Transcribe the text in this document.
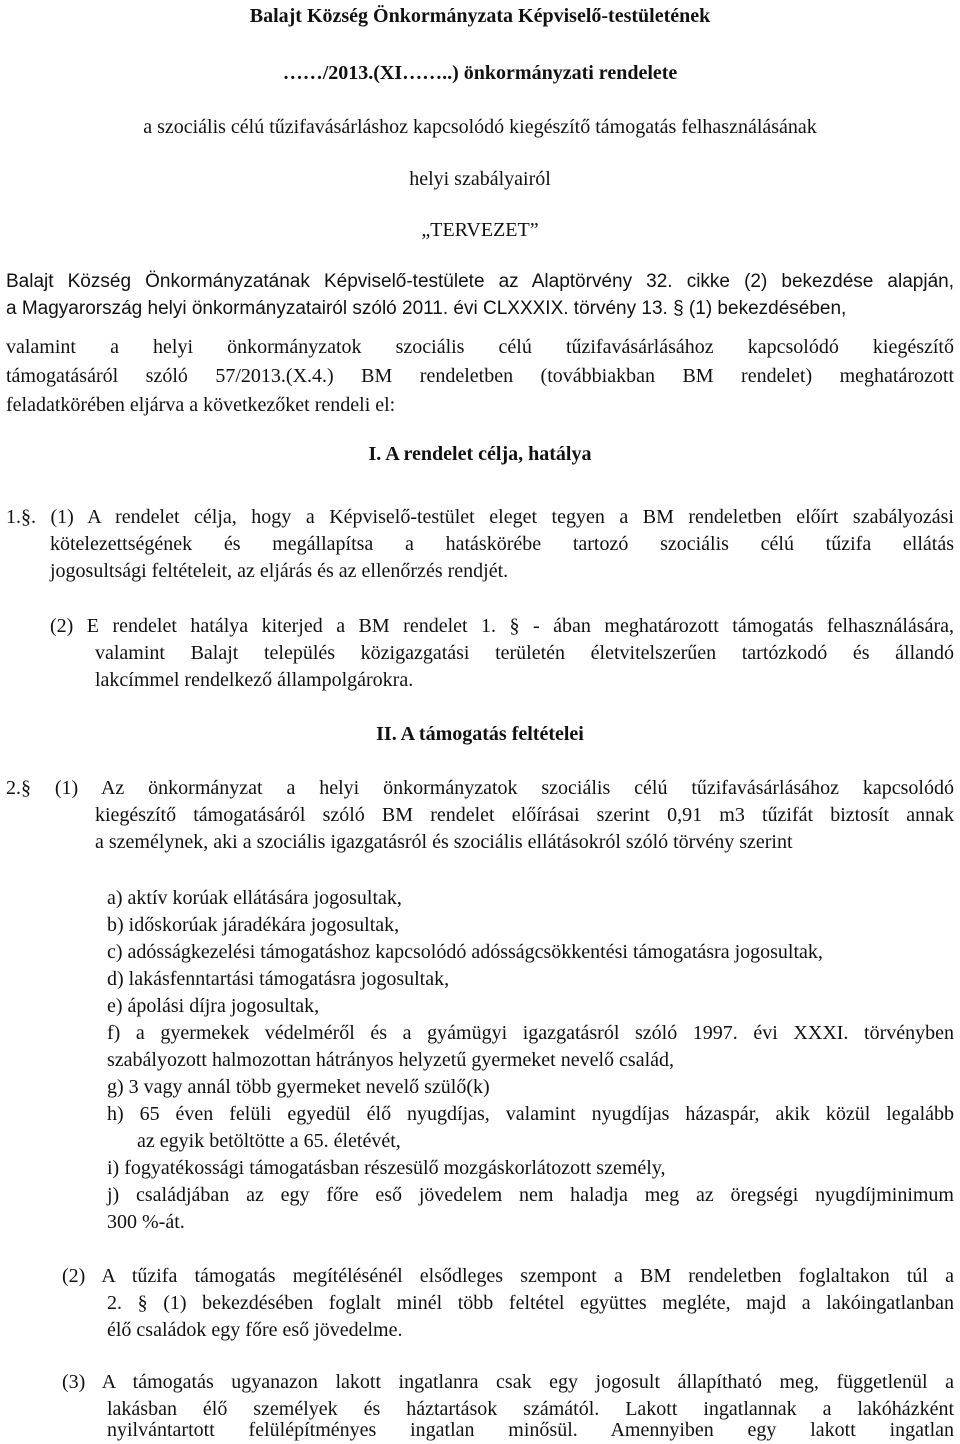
Balajt Község Önkormányzata Képviselő-testületének
……/2013.(XI……..) önkormányzati rendelete
a szociális célú tűzifavásárláshoz kapcsolódó kiegészítő támogatás felhasználásának
helyi szabályairól
„TERVEZET”
Balajt Község Önkormányzatának Képviselő-testülete az Alaptörvény 32. cikke (2) bekezdése alapján,
a Magyarország helyi önkormányzatairól szóló 2011. évi CLXXXIX. törvény 13. § (1) bekezdésében,
valamint a helyi önkormányzatok szociális célú tűzifavásárlásához kapcsolódó kiegészítő
támogatásáról szóló 57/2013.(X.4.) BM rendeletben (továbbiakban BM rendelet) meghatározott
feladatkörében eljárva a következőket rendeli el:
I. A rendelet célja, hatálya
1.§. (1) A rendelet célja, hogy a Képviselő-testület eleget tegyen a BM rendeletben előírt szabályozási
kötelezettségének és megállapítsa a hatáskörébe tartozó szociális célú tűzifa ellátás
jogosultsági feltételeit, az eljárás és az ellenőrzés rendjét.
(2) E rendelet hatálya kiterjed a BM rendelet 1. § - ában meghatározott támogatás felhasználására,
valamint Balajt település közigazgatási területén életvitelszerűen tartózkodó és állandó
lakcímmel rendelkező állampolgárokra.
II. A támogatás feltételei
2.§ (1) Az önkormányzat a helyi önkormányzatok szociális célú tűzifavásárlásához kapcsolódó
kiegészítő támogatásáról szóló BM rendelet előírásai szerint 0,91 m3 tűzifát biztosít annak
a személynek, aki a szociális igazgatásról és szociális ellátásokról szóló törvény szerint
a) aktív korúak ellátására jogosultak,
b) időskorúak járadékára jogosultak,
c) adósságkezelési támogatáshoz kapcsolódó adósságcsökkentési támogatásra jogosultak,
d) lakásfenntartási támogatásra jogosultak,
e) ápolási díjra jogosultak,
f) a gyermekek védelméről és a gyámügyi igazgatásról szóló 1997. évi XXXI. törvényben
szabályozott halmozottan hátrányos helyzetű gyermeket nevelő család,
g) 3 vagy annál több gyermeket nevelő szülő(k)
h) 65 éven felüli egyedül élő nyugdíjas, valamint nyugdíjas házaspár, akik közül legalább
az egyik betöltötte a 65. életévét,
i) fogyatékossági támogatásban részesülő mozgáskorlátozott személy,
j) családjában az egy főre eső jövedelem nem haladja meg az öregségi nyugdíjminimum
300 %-át.
(2) A tűzifa támogatás megítélésénél elsődleges szempont a BM rendeletben foglaltakon túl a
2. § (1) bekezdésében foglalt minél több feltétel együttes megléte, majd a lakóingatlanban
élő családok egy főre eső jövedelme.
(3) A támogatás ugyanazon lakott ingatlanra csak egy jogosult állapítható meg, függetlenül a
lakásban élő személyek és háztartások számától. Lakott ingatlannak a lakóházként
nyilvántartott felülépítményes ingatlan minősül. Amennyiben egy lakott ingatlan
